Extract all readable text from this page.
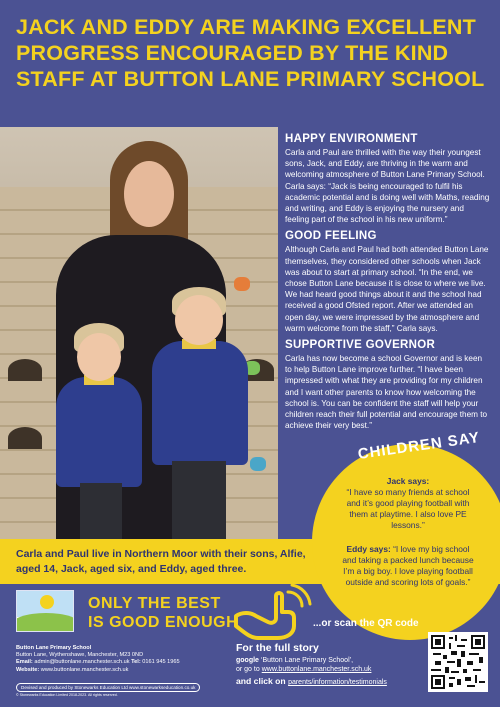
JACK AND EDDY ARE MAKING EXCELLENT PROGRESS ENCOURAGED BY THE KIND STAFF AT BUTTON LANE PRIMARY SCHOOL

Carla and Paul live in Northern Moor with their sons, Alfie, aged 14, Jack, aged six, and Eddy, aged three.

HAPPY ENVIRONMENT

Carla and Paul are thrilled with the way their youngest sons, Jack, and Eddy, are thriving in the warm and welcoming atmosphere of Button Lane Primary School. Carla says: “Jack is being encouraged to fulfil his academic potential and is doing well with Maths, reading and writing, and Eddy is enjoying the nursery and feeling part of the school in his new uniform.”

GOOD FEELING

Although Carla and Paul had both attended Button Lane themselves, they considered other schools when Jack was about to start at primary school. “In the end, we chose Button Lane because it is close to where we live. We had heard good things about it and the school had received a good Ofsted report. After we attended an open day, we were impressed by the atmosphere and warm welcome from the staff,” Carla says.

SUPPORTIVE GOVERNOR

Carla has now become a school Governor and is keen to help Button Lane improve further. “I have been impressed with what they are providing for my children and I want other parents to know how welcoming the school is. You can be confident the staff will help your children reach their full potential and encourage them to achieve their very best.”

CHILDREN SAY
Jack says:
“I have so many friends at school and it’s good playing football with them at playtime. I also love PE lessons.”
Eddy says: “I love my big school and taking a packed lunch because I’m a big boy. I love playing football outside and scoring lots of goals.”
ONLY THE BEST
IS GOOD ENOUGH	...or scan the QR code
Button Lane Primary School
Button Lane, Wythenshawe, Manchester, M23 0ND
Email: admin@buttonlane.manchester.sch.uk Tel: 0161 945 1965
Website: www.buttonlane.manchester.sch.uk
Devised and produced by Stonewarks Education Ltd www.stonewarkseducation.co.uk
© Stonewarks Education Limited 2018-2023. All rights reserved.
For the full story
google ‘Button Lane Primary School’,
or go to www.buttonlane.manchester.sch.uk
and click on parents/information/testimonials
